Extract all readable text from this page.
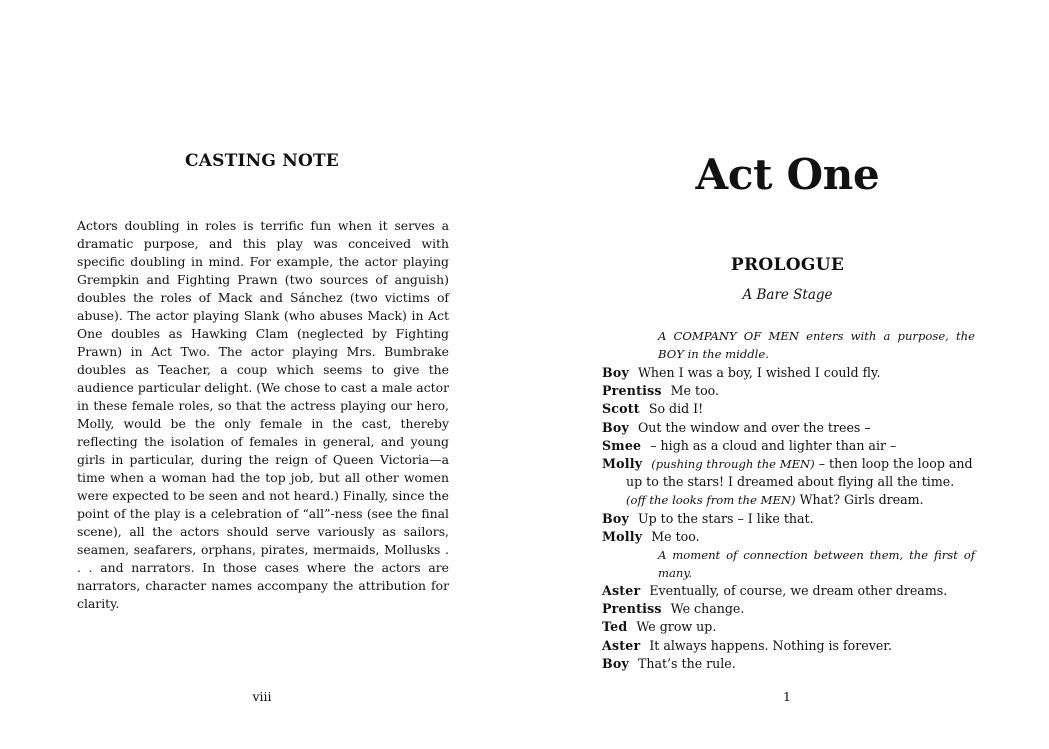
CASTING NOTE
Actors doubling in roles is terrific fun when it serves a dramatic purpose, and this play was conceived with specific doubling in mind. For example, the actor playing Grempkin and Fighting Prawn (two sources of anguish) doubles the roles of Mack and Sánchez (two victims of abuse). The actor playing Slank (who abuses Mack) in Act One doubles as Hawking Clam (neglected by Fighting Prawn) in Act Two. The actor playing Mrs. Bumbrake doubles as Teacher, a coup which seems to give the audience particular delight. (We chose to cast a male actor in these female roles, so that the actress playing our hero, Molly, would be the only female in the cast, thereby reflecting the isolation of females in general, and young girls in particular, during the reign of Queen Victoria—a time when a woman had the top job, but all other women were expected to be seen and not heard.) Finally, since the point of the play is a celebration of “all”-ness (see the final scene), all the actors should serve variously as sailors, seamen, seafarers, orphans, pirates, mermaids, Mollusks . . . and narrators. In those cases where the actors are narrators, character names accompany the attribution for clarity.
viii
Act One
PROLOGUE
A Bare Stage
A COMPANY OF MEN enters with a purpose, the BOY in the middle.
Boy When I was a boy, I wished I could fly.
Prentiss Me too.
Scott So did I!
Boy Out the window and over the trees –
Smee – high as a cloud and lighter than air –
Molly (pushing through the MEN) – then loop the loop and up to the stars! I dreamed about flying all the time. (off the looks from the MEN) What? Girls dream.
Boy Up to the stars – I like that.
Molly Me too.
A moment of connection between them, the first of many.
Aster Eventually, of course, we dream other dreams.
Prentiss We change.
Ted We grow up.
Aster It always happens. Nothing is forever.
Boy That’s the rule.
1
